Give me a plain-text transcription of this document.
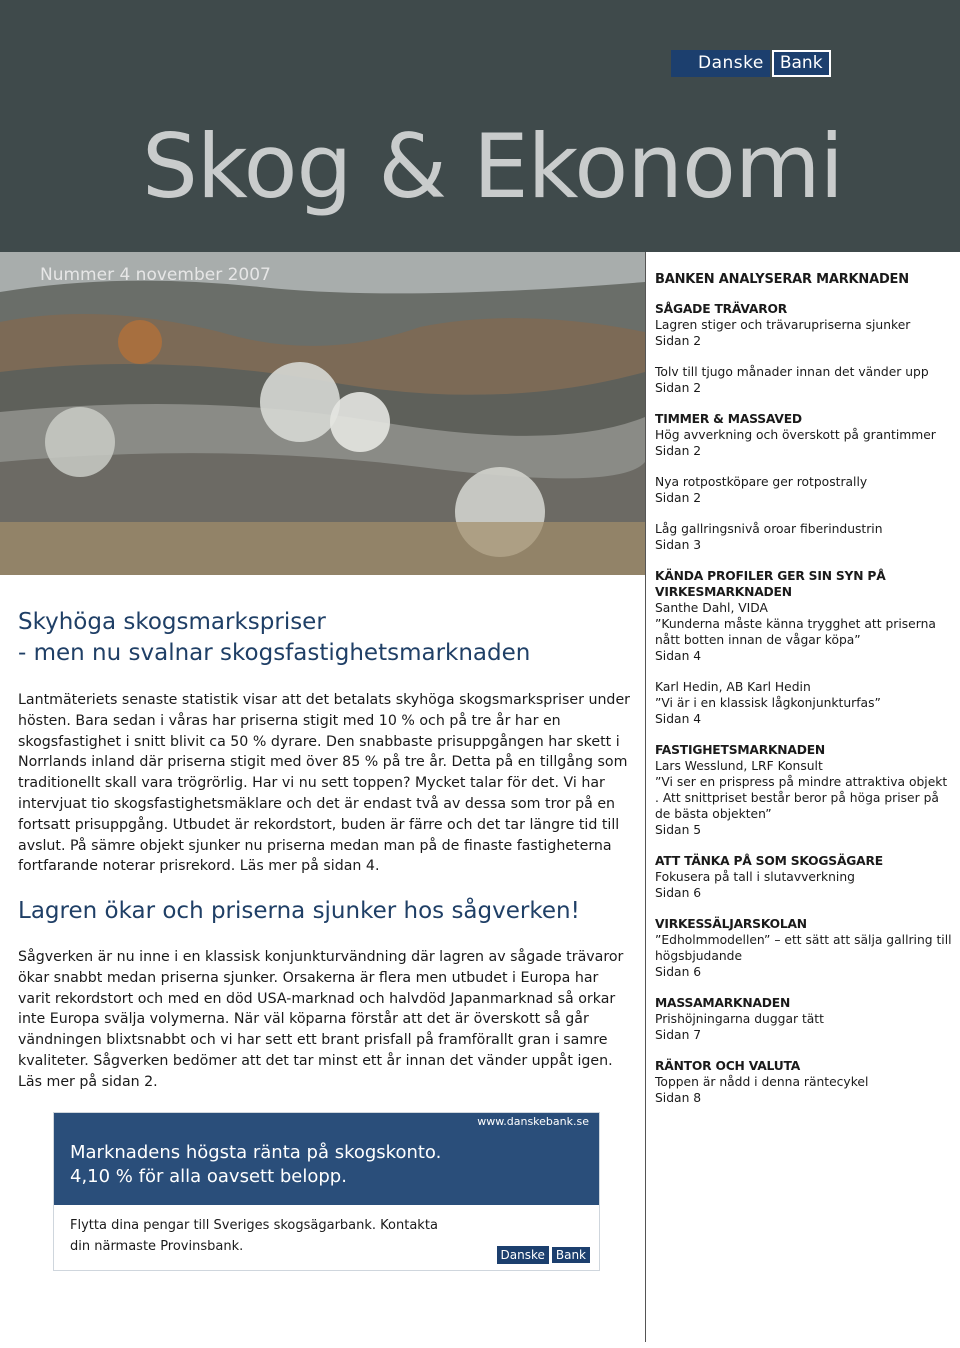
Danske Bank
Skog & Ekonomi
Nummer 4 november 2007
Skyhöga skogsmarkspriser
- men nu svalnar skogsfastighetsmarknaden
Lantmäteriets senaste statistik visar att det betalats skyhöga skogsmarkspriser under hösten. Bara sedan i våras har priserna stigit med 10 % och på tre år har en skogsfastighet i snitt blivit ca 50 % dyrare. Den snabbaste prisuppgången har skett i Norrlands inland där priserna stigit med över 85 % på tre år. Detta på en tillgång som traditionellt skall vara trögrörlig. Har vi nu sett toppen? Mycket talar för det. Vi har intervjuat tio skogsfastighetsmäklare och det är endast två av dessa som tror på en fortsatt prisuppgång. Utbudet är rekordstort, buden är färre och det tar längre tid till avslut. På sämre objekt sjunker nu priserna medan man på de finaste fastigheterna fortfarande noterar prisrekord. Läs mer på sidan 4.
Lagren ökar och priserna sjunker hos sågverken!
Sågverken är nu inne i en klassisk konjunkturvändning där lagren av sågade trävaror ökar snabbt medan priserna sjunker. Orsakerna är flera men utbudet i Europa har varit rekordstort och med en död USA-marknad och halvdöd Japanmarknad så orkar inte Europa svälja volymerna. När väl köparna förstår att det är överskott så går vändningen blixtsnabbt och vi har sett ett brant prisfall på framförallt gran i samre kvaliteter. Sågverken bedömer att det tar minst ett år innan det vänder uppåt igen. Läs mer på sidan 2.
www.danskebank.se
Marknadens högsta ränta på skogskonto.
4,10 % för alla oavsett belopp.
Flytta dina pengar till Sveriges skogsägarbank. Kontakta
din närmaste Provinsbank.
Danske Bank
BANKEN ANALYSERAR MARKNADEN
SÅGADE TRÄVAROR
Lagren stiger och trävarupriserna sjunker
Sidan 2
Tolv till tjugo månader innan det vänder upp
Sidan 2
TIMMER & MASSAVED
Hög avverkning och överskott på grantimmer
Sidan 2
Nya rotpostköpare ger rotpostrally
Sidan 2
Låg gallringsnivå oroar fiberindustrin
Sidan 3
KÄNDA PROFILER GER SIN SYN PÅ VIRKESMARKNADEN
Santhe Dahl, VIDA
”Kunderna måste känna trygghet att priserna nått botten innan de vågar köpa”
Sidan 4
Karl Hedin, AB Karl Hedin
”Vi är i en klassisk lågkonjunkturfas”
Sidan 4
FASTIGHETSMARKNADEN
Lars Wesslund, LRF Konsult
”Vi ser en prispress på mindre attraktiva objekt . Att snittpriset består beror på höga priser på de bästa objekten”
Sidan 5
ATT TÄNKA PÅ SOM SKOGSÄGARE
Fokusera på tall i slutavverkning
Sidan 6
VIRKESSÄLJARSKOLAN
”Edholmmodellen” – ett sätt att sälja gallring till högsbjudande
Sidan 6
MASSAMARKNADEN
Prishöjningarna duggar tätt
Sidan 7
RÄNTOR OCH VALUTA
Toppen är nådd i denna räntecykel
Sidan 8
